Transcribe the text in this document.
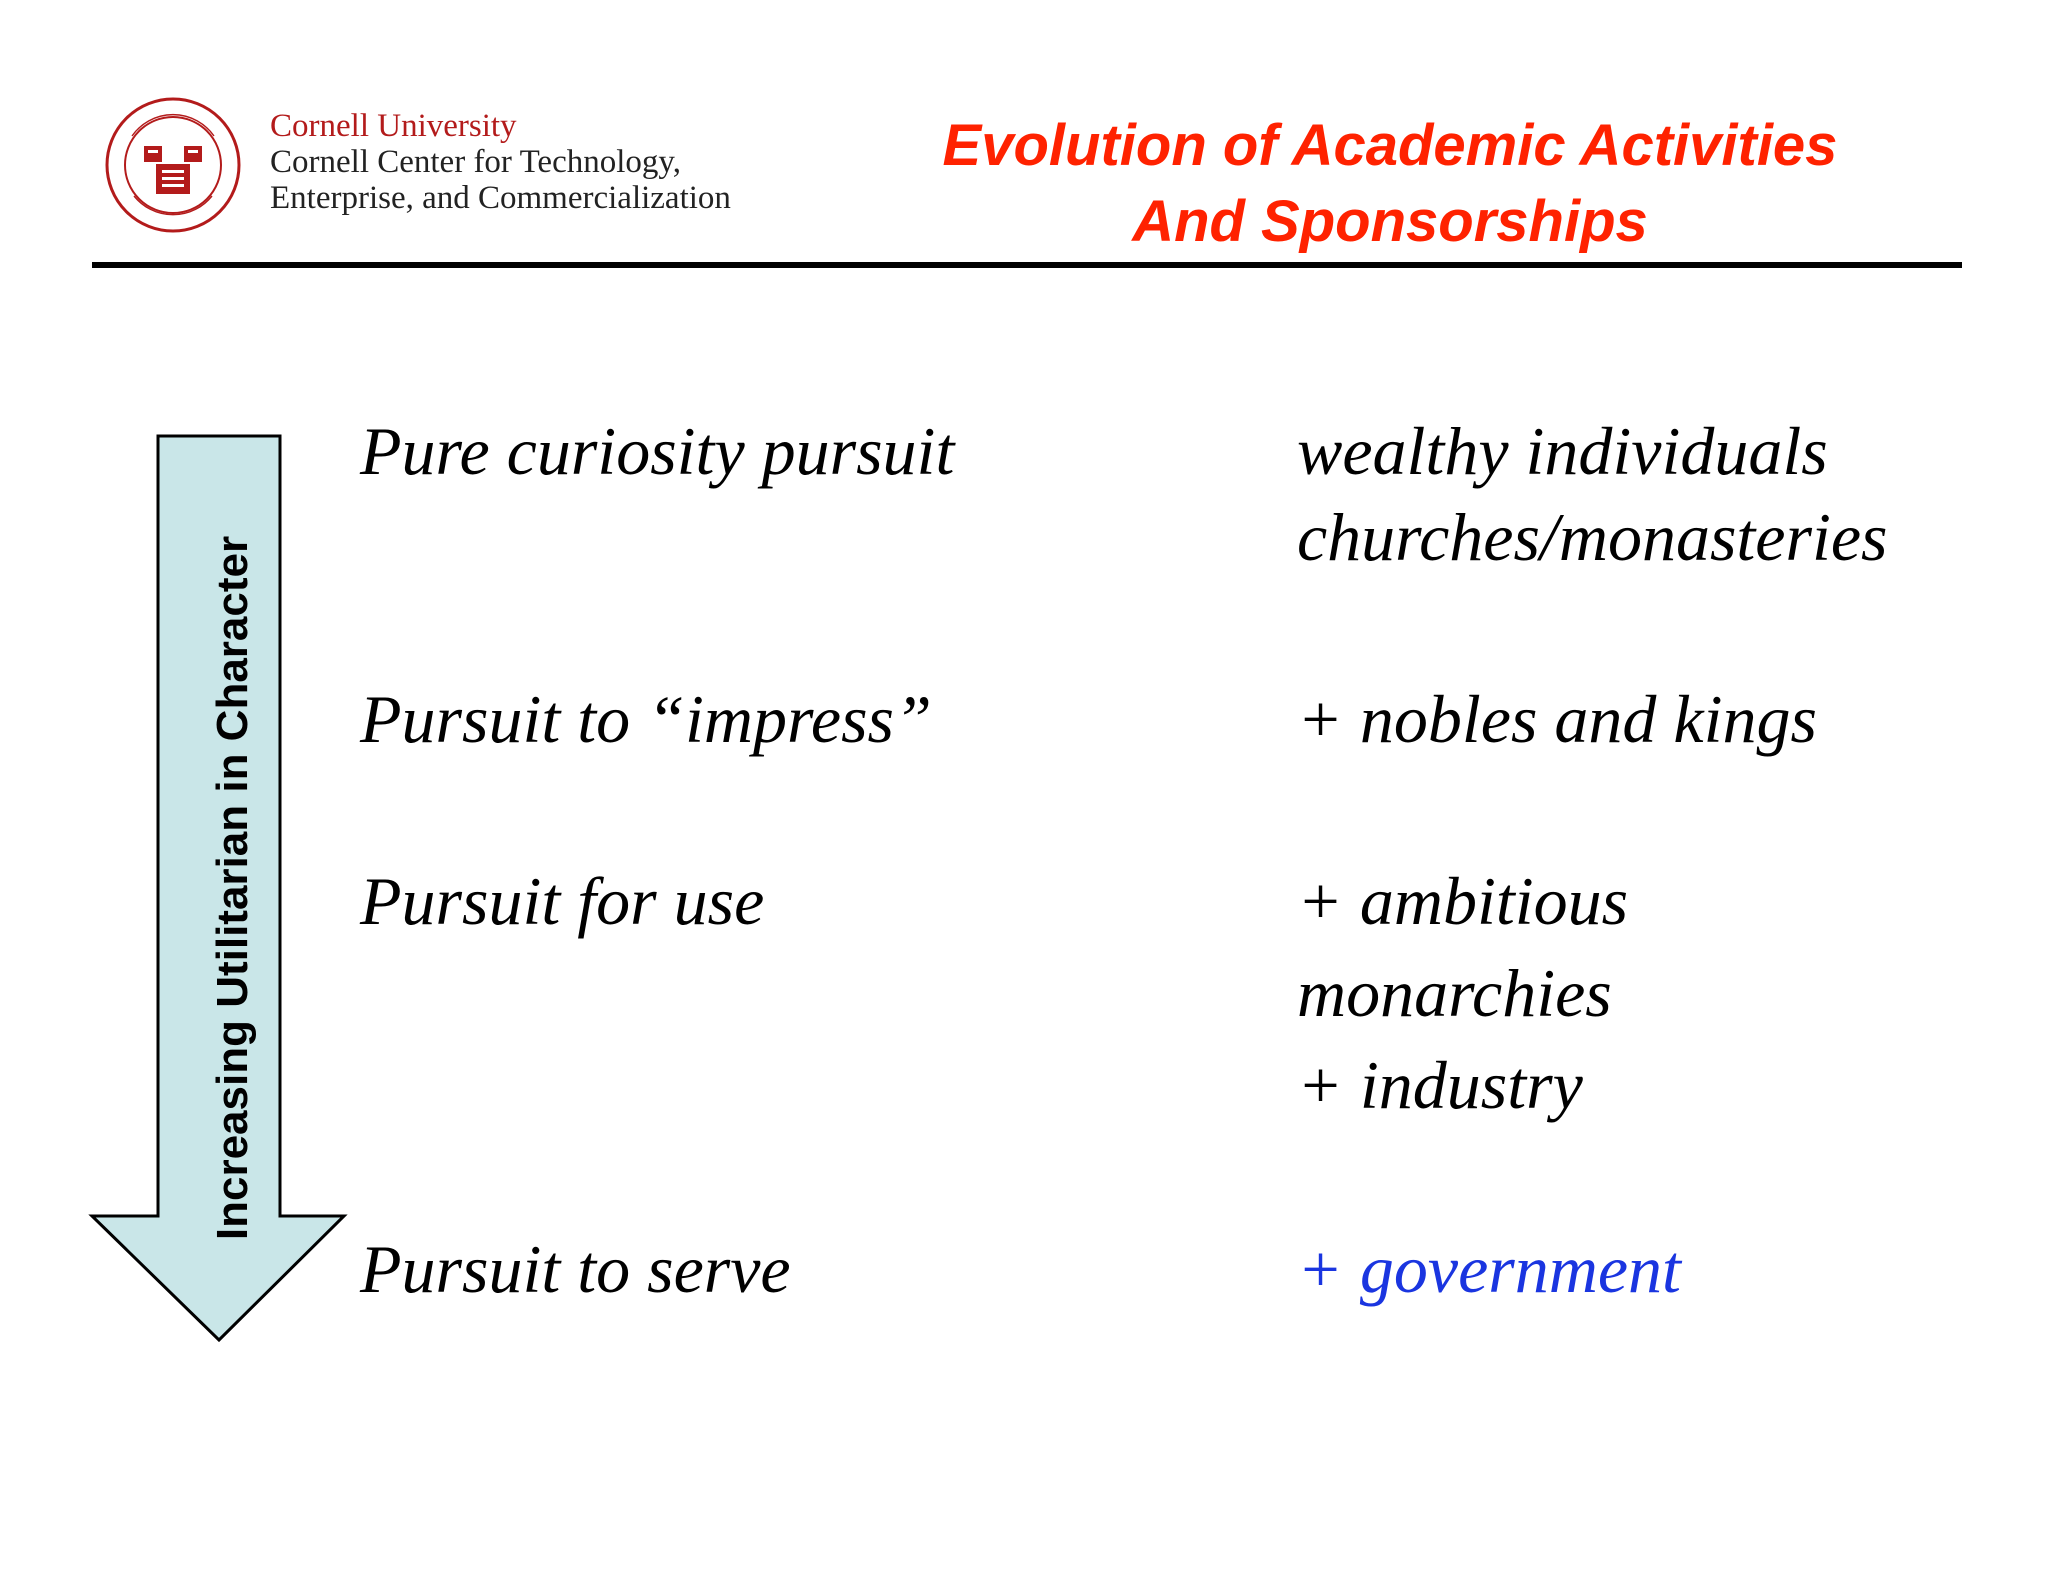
Cornell University
Cornell Center for Technology,
Enterprise, and Commercialization
Evolution of Academic Activities
And Sponsorships
Increasing Utilitarian in Character
Pure curiosity pursuit	wealthy individuals
churches/monasteries
Pursuit to “impress”	+ nobles and kings
Pursuit for use	+ ambitious
monarchies
+ industry
Pursuit to serve	+ government
